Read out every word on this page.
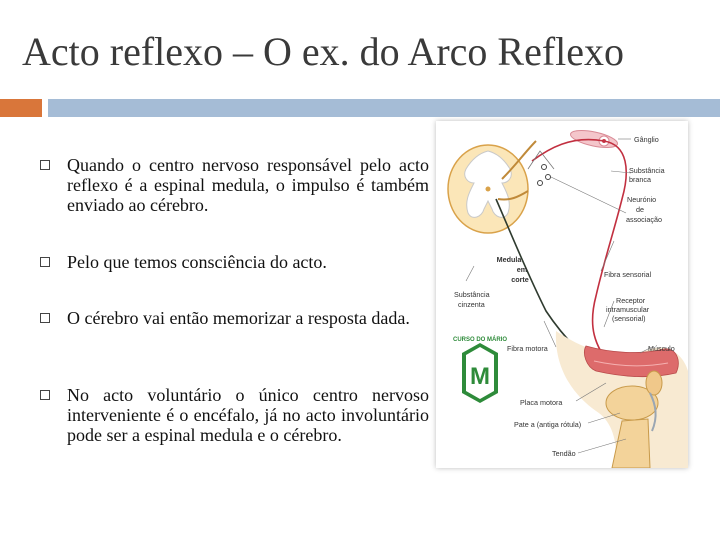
Acto reflexo – O ex. do Arco Reflexo
Quando o centro nervoso responsável pelo acto reflexo é a espinal medula, o impulso é também enviado ao cérebro.
Pelo que temos consciência do acto.
O cérebro vai então memorizar a resposta dada.
No acto voluntário o único centro nervoso interveniente é o encéfalo, já no acto involuntário pode ser a espinal medula e o cérebro.
M
CURSO DO MÁRIO
Gânglio
Substância
branca
Neurónio
de
associação
Medula
em
corte
Fibra sensorial
Substância
cinzenta	Receptor
intramuscular
(sensorial)
Fibra motora	Músculo
Placa motora
Pate a (antiga rótula)
Tendão
